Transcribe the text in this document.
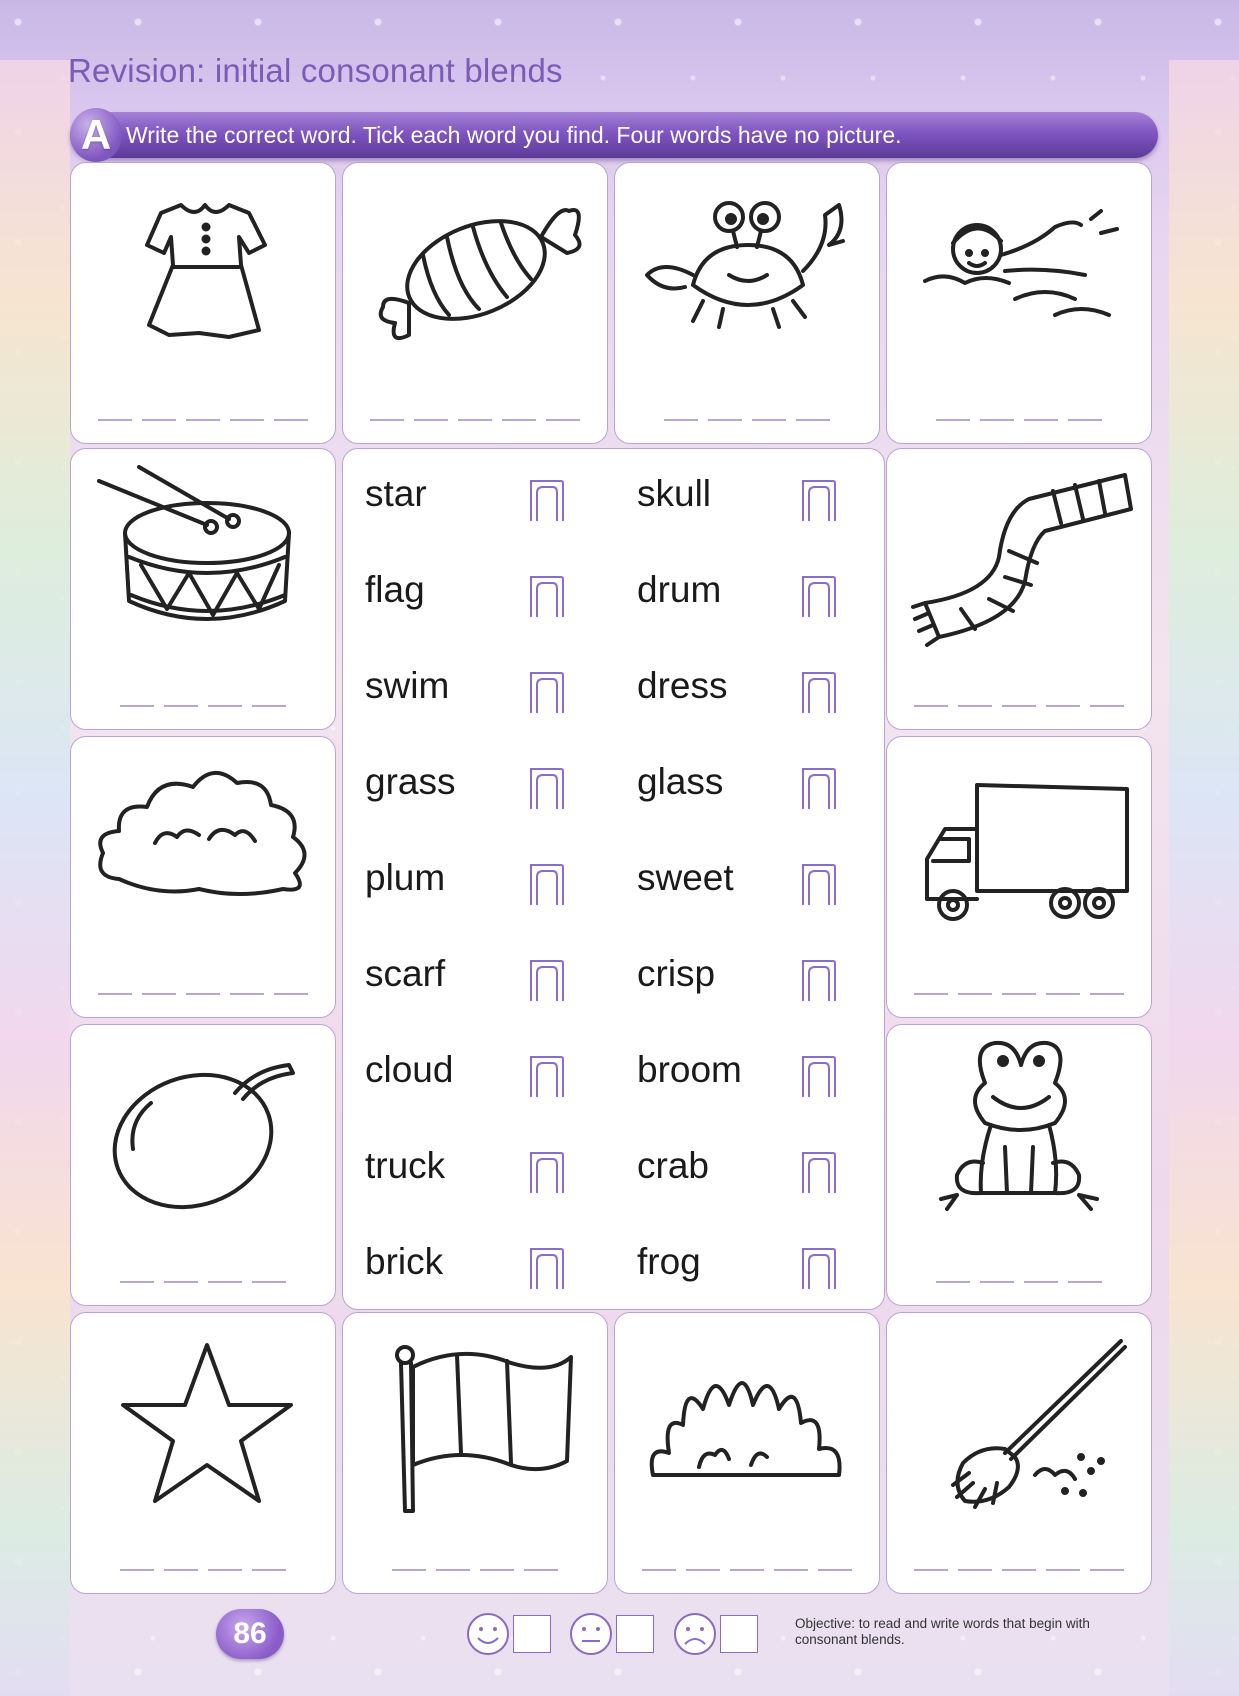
Revision: initial consonant blends
A Write the correct word. Tick each word you find. Four words have no picture.
star
flag
swim
grass
plum
scarf
cloud
truck
brick
skull
drum
dress
glass
sweet
crisp
broom
crab
frog
86	Objective: to read and write words that begin with consonant blends.
